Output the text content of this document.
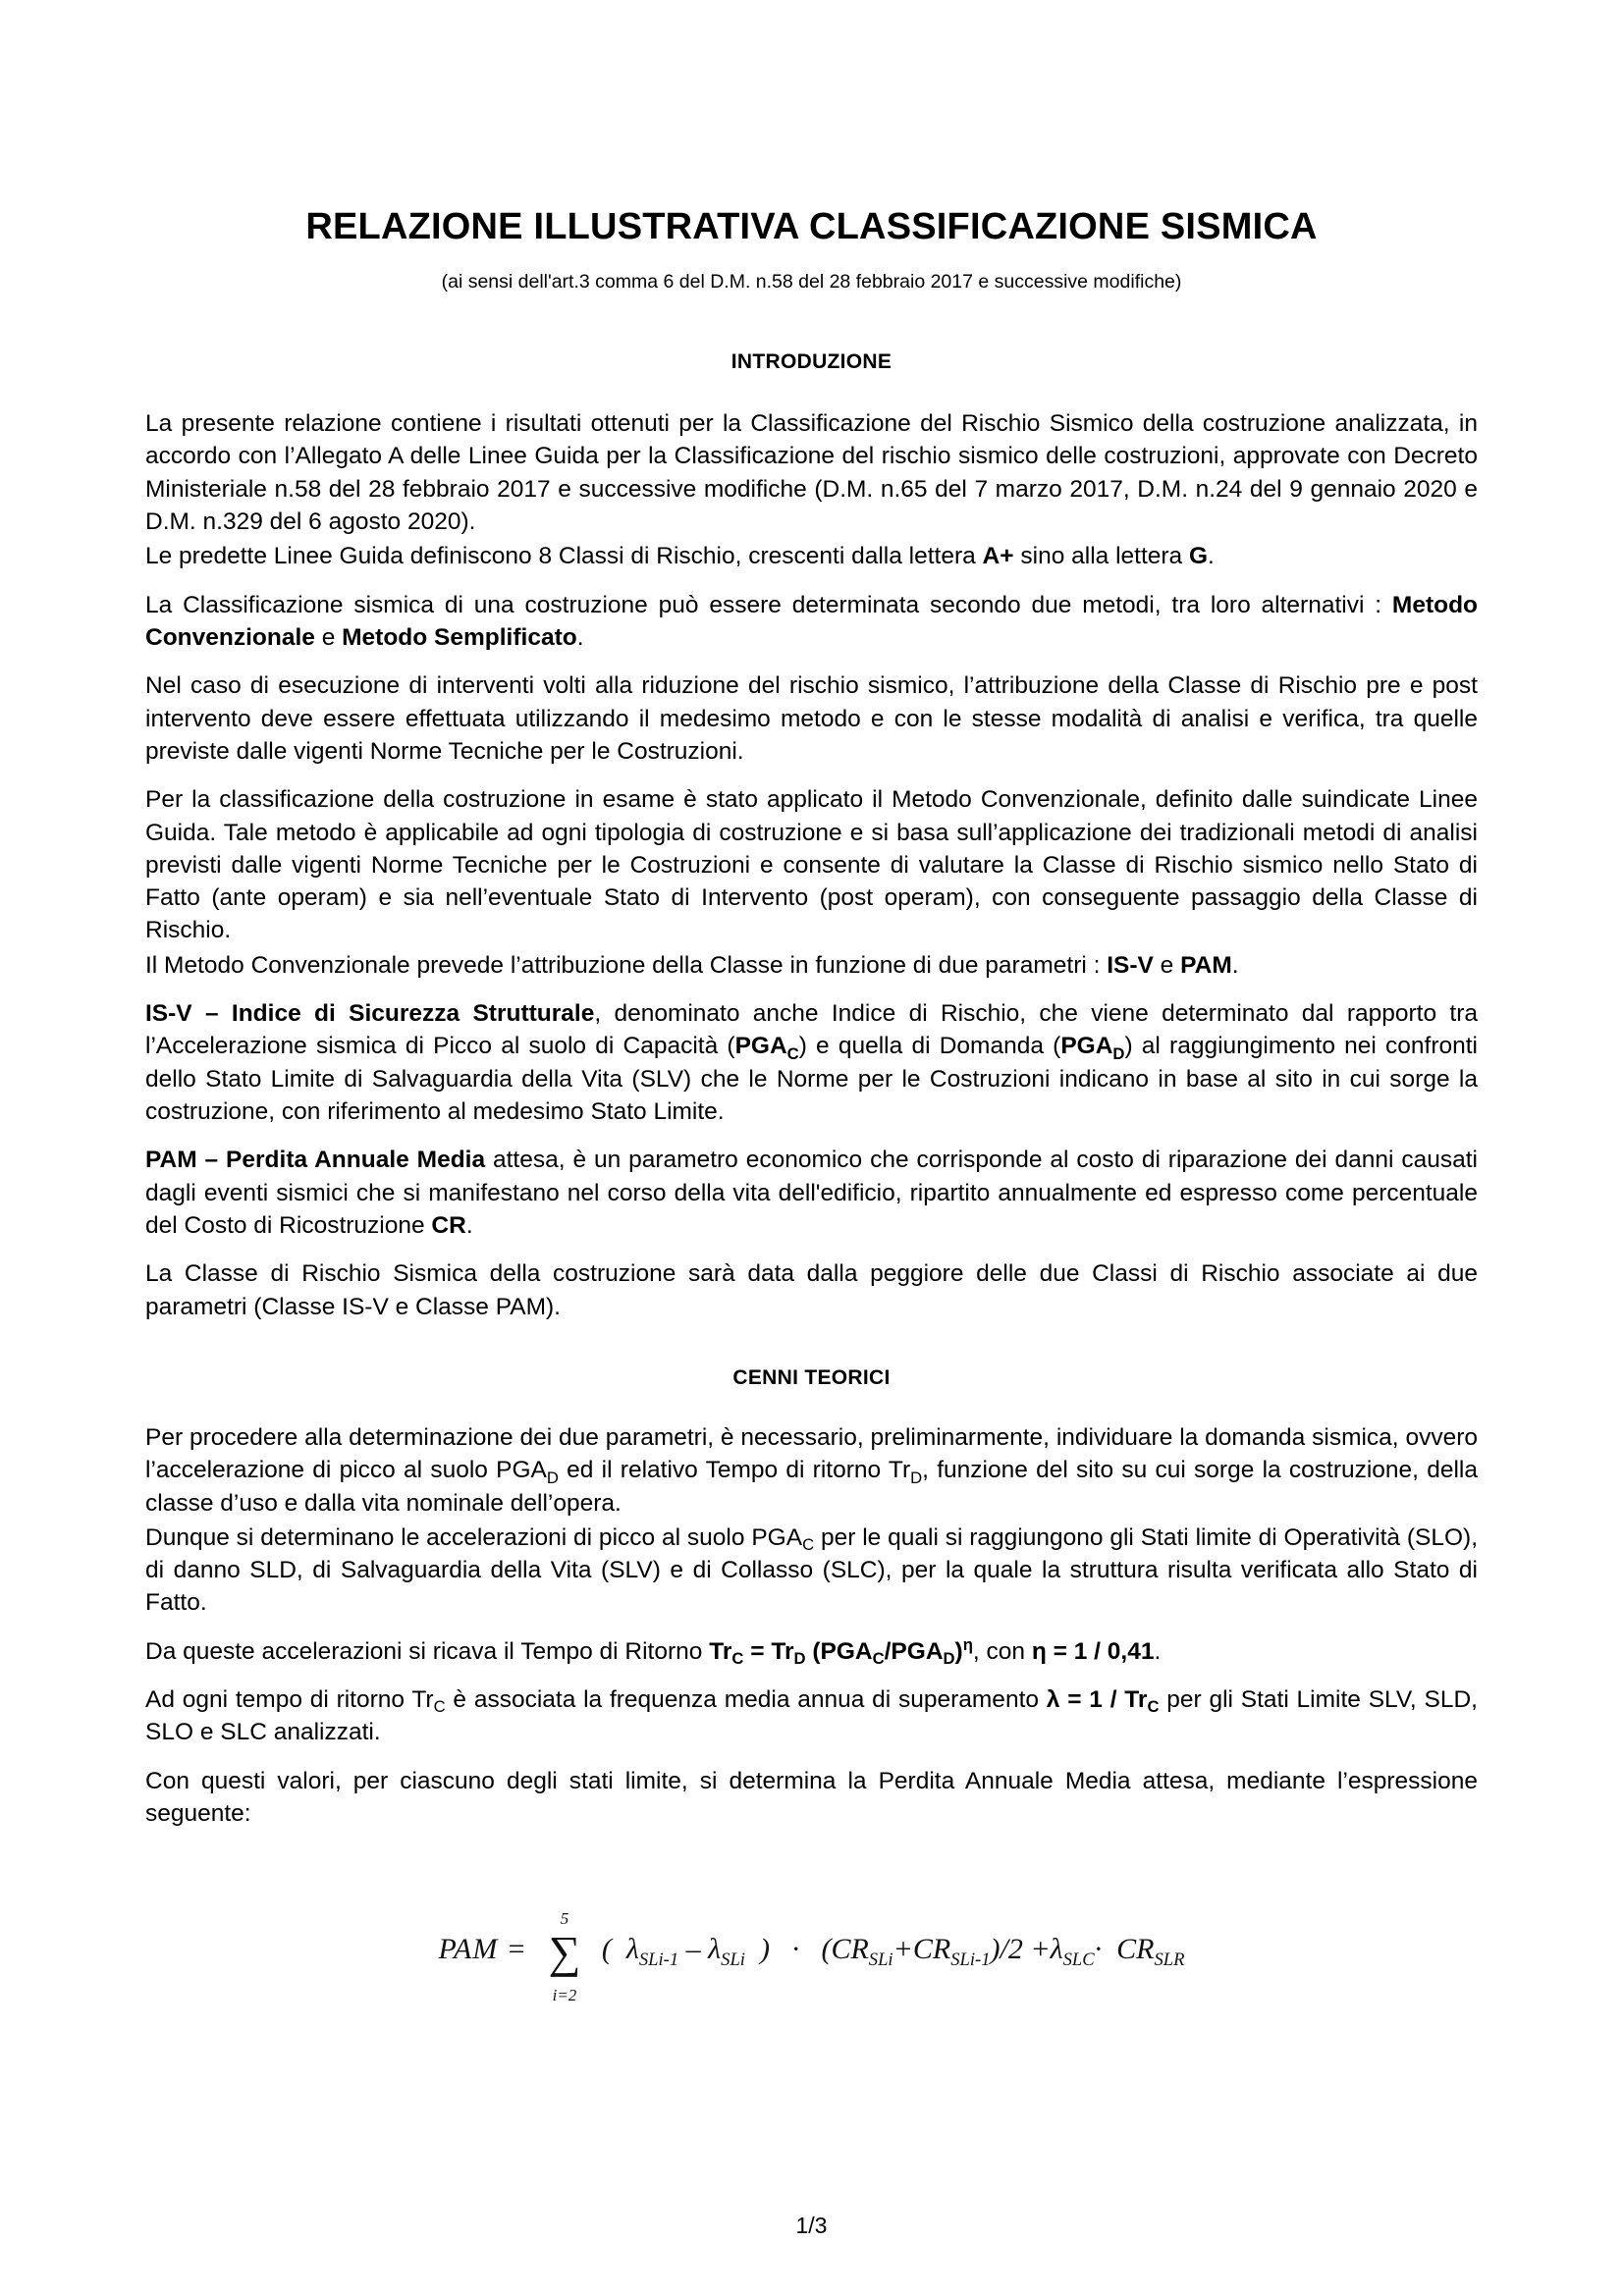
RELAZIONE ILLUSTRATIVA CLASSIFICAZIONE SISMICA
(ai sensi dell'art.3 comma 6 del D.M. n.58 del 28 febbraio 2017 e successive modifiche)
INTRODUZIONE

La presente relazione contiene i risultati ottenuti per la Classificazione del Rischio Sismico della costruzione analizzata, in accordo con l’Allegato A delle Linee Guida per la Classificazione del rischio sismico delle costruzioni, approvate con Decreto Ministeriale n.58 del 28 febbraio 2017 e successive modifiche (D.M. n.65 del 7 marzo 2017, D.M. n.24 del 9 gennaio 2020 e D.M. n.329 del 6 agosto 2020).

Le predette Linee Guida definiscono 8 Classi di Rischio, crescenti dalla lettera A+ sino alla lettera G.

La Classificazione sismica di una costruzione può essere determinata secondo due metodi, tra loro alternativi : Metodo Convenzionale e Metodo Semplificato.

Nel caso di esecuzione di interventi volti alla riduzione del rischio sismico, l’attribuzione della Classe di Rischio pre e post intervento deve essere effettuata utilizzando il medesimo metodo e con le stesse modalità di analisi e verifica, tra quelle previste dalle vigenti Norme Tecniche per le Costruzioni.

Per la classificazione della costruzione in esame è stato applicato il Metodo Convenzionale, definito dalle suindicate Linee Guida. Tale metodo è applicabile ad ogni tipologia di costruzione e si basa sull’applicazione dei tradizionali metodi di analisi previsti dalle vigenti Norme Tecniche per le Costruzioni e consente di valutare la Classe di Rischio sismico nello Stato di Fatto (ante operam) e sia nell’eventuale Stato di Intervento (post operam), con conseguente passaggio della Classe di Rischio.

Il Metodo Convenzionale prevede l’attribuzione della Classe in funzione di due parametri : IS-V e PAM.

IS-V – Indice di Sicurezza Strutturale, denominato anche Indice di Rischio, che viene determinato dal rapporto tra l’Accelerazione sismica di Picco al suolo di Capacità $(PGA_C)$ e quella di Domanda $(PGA_D)$ al raggiungimento nei confronti dello Stato Limite di Salvaguardia della Vita (SLV) che le Norme per le Costruzioni indicano in base al sito in cui sorge la costruzione, con riferimento al medesimo Stato Limite.

PAM – Perdita Annuale Media attesa, è un parametro economico che corrisponde al costo di riparazione dei danni causati dagli eventi sismici che si manifestano nel corso della vita dell'edificio, ripartito annualmente ed espresso come percentuale del Costo di Ricostruzione CR.

La Classe di Rischio Sismica della costruzione sarà data dalla peggiore delle due Classi di Rischio associate ai due parametri (Classe IS-V e Classe PAM).

CENNI TEORICI

Per procedere alla determinazione dei due parametri, è necessario, preliminarmente, individuare la domanda sismica, ovvero l’accelerazione di picco al suolo $PGA_D$ ed il relativo Tempo di ritorno $Tr_D$, funzione del sito su cui sorge la costruzione, della classe d’uso e dalla vita nominale dell’opera.

Dunque si determinano le accelerazioni di picco al suolo $PGA_C$ per le quali si raggiungono gli Stati limite di Operatività (SLO), di danno SLD, di Salvaguardia della Vita (SLV) e di Collasso (SLC), per la quale la struttura risulta verificata allo Stato di Fatto.

Da queste accelerazioni si ricava il Tempo di Ritorno $Tr_C = Tr_D$ $(PGA_C/PGA_D)^\eta$, con η = 1 / 0,41.

Ad ogni tempo di ritorno $Tr_C$ è associata la frequenza media annua di superamento $\lambda = 1 / Tr_C$ per gli Stati Limite SLV, SLD, SLO e SLC analizzati.

Con questi valori, per ciascuno degli stati limite, si determina la Perdita Annuale Media attesa, mediante l’espressione seguente:

PAM = 5
∑
i=2 ( $\lambda_{SLi-1} - \lambda_{SLi}$ ) · $(CR_{SLi}+CR_{SLi-1})/2 +\lambda_{SLC}\cdot CR_{SLR}$
1/3
